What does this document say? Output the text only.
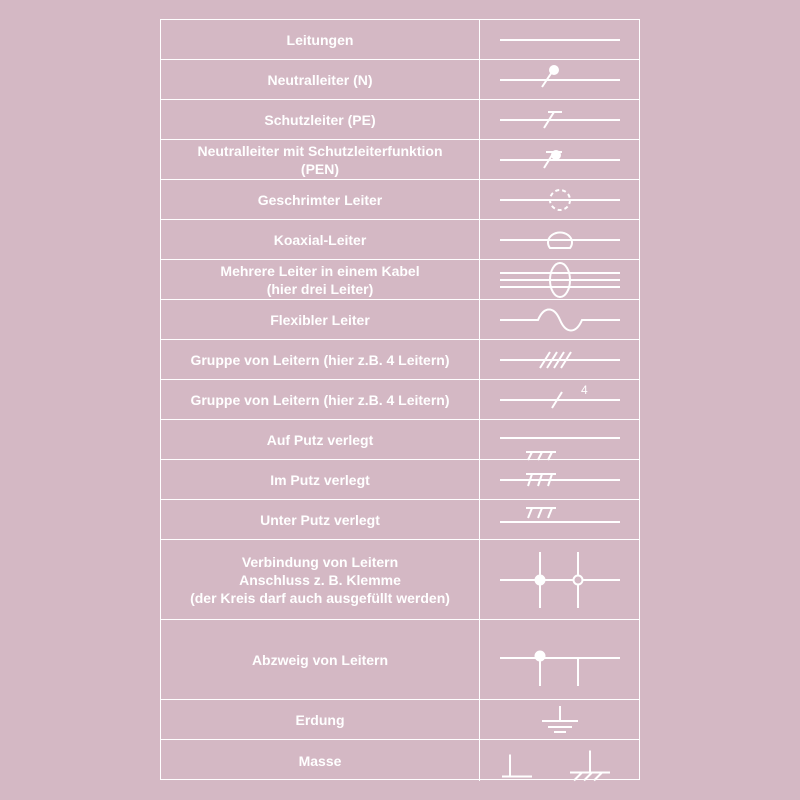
Leitungen
Neutralleiter (N)
Schutzleiter (PE)
Neutralleiter mit Schutzleiterfunktion
(PEN)
Geschrimter Leiter
Koaxial-Leiter
Mehrere Leiter in einem Kabel
(hier drei Leiter)
Flexibler Leiter
Gruppe von Leitern (hier z.B. 4 Leitern)
Gruppe von Leitern (hier z.B. 4 Leitern)
4
Auf Putz verlegt
Im Putz verlegt
Unter Putz verlegt
Verbindung von Leitern
Anschluss z. B. Klemme
(der Kreis darf auch ausgefüllt werden)
Abzweig von Leitern
Erdung
Masse
